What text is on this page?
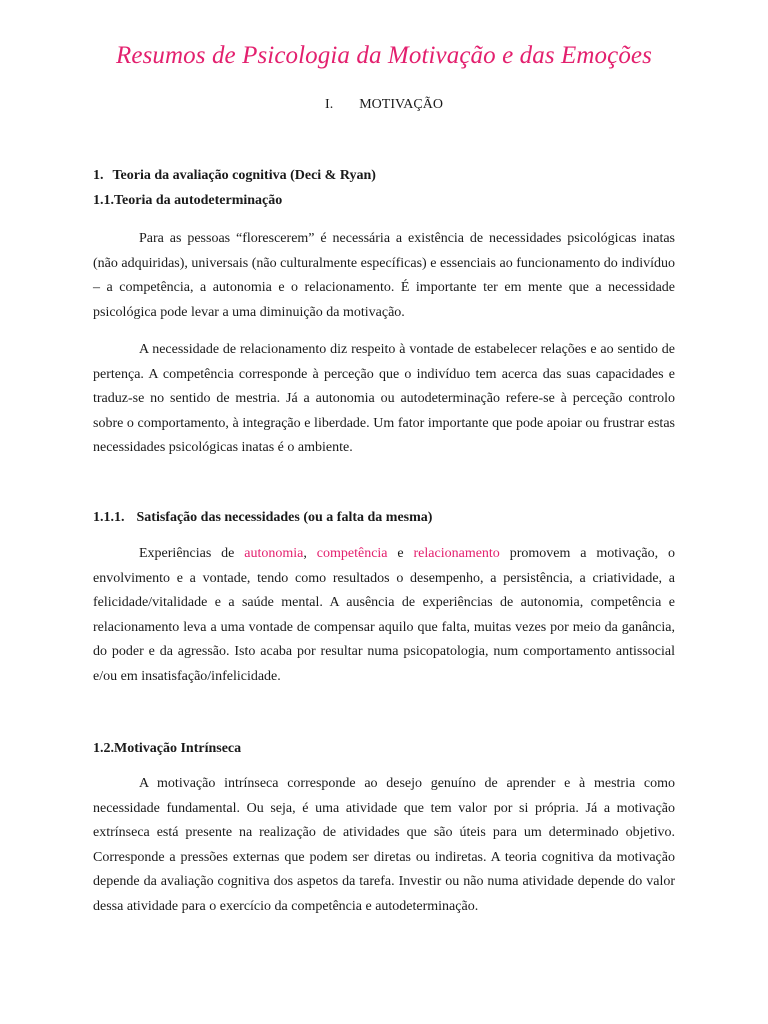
Resumos de Psicologia da Motivação e das Emoções
I. MOTIVAÇÃO
1. Teoria da avaliação cognitiva (Deci & Ryan)
1.1.Teoria da autodeterminação

Para as pessoas “florescerem” é necessária a existência de necessidades psicológicas inatas (não adquiridas), universais (não culturalmente específicas) e essenciais ao funcionamento do indivíduo – a competência, a autonomia e o relacionamento. É importante ter em mente que a necessidade psicológica pode levar a uma diminuição da motivação.

A necessidade de relacionamento diz respeito à vontade de estabelecer relações e ao sentido de pertença. A competência corresponde à perceção que o indivíduo tem acerca das suas capacidades e traduz-se no sentido de mestria. Já a autonomia ou autodeterminação refere-se à perceção controlo sobre o comportamento, à integração e liberdade. Um fator importante que pode apoiar ou frustrar estas necessidades psicológicas inatas é o ambiente.

1.1.1. Satisfação das necessidades (ou a falta da mesma)

Experiências de autonomia, competência e relacionamento promovem a motivação, o envolvimento e a vontade, tendo como resultados o desempenho, a persistência, a criatividade, a felicidade/vitalidade e a saúde mental. A ausência de experiências de autonomia, competência e relacionamento leva a uma vontade de compensar aquilo que falta, muitas vezes por meio da ganância, do poder e da agressão. Isto acaba por resultar numa psicopatologia, num comportamento antissocial e/ou em insatisfação/infelicidade.

1.2.Motivação Intrínseca

A motivação intrínseca corresponde ao desejo genuíno de aprender e à mestria como necessidade fundamental. Ou seja, é uma atividade que tem valor por si própria. Já a motivação extrínseca está presente na realização de atividades que são úteis para um determinado objetivo. Corresponde a pressões externas que podem ser diretas ou indiretas. A teoria cognitiva da motivação depende da avaliação cognitiva dos aspetos da tarefa. Investir ou não numa atividade depende do valor dessa atividade para o exercício da competência e autodeterminação.
